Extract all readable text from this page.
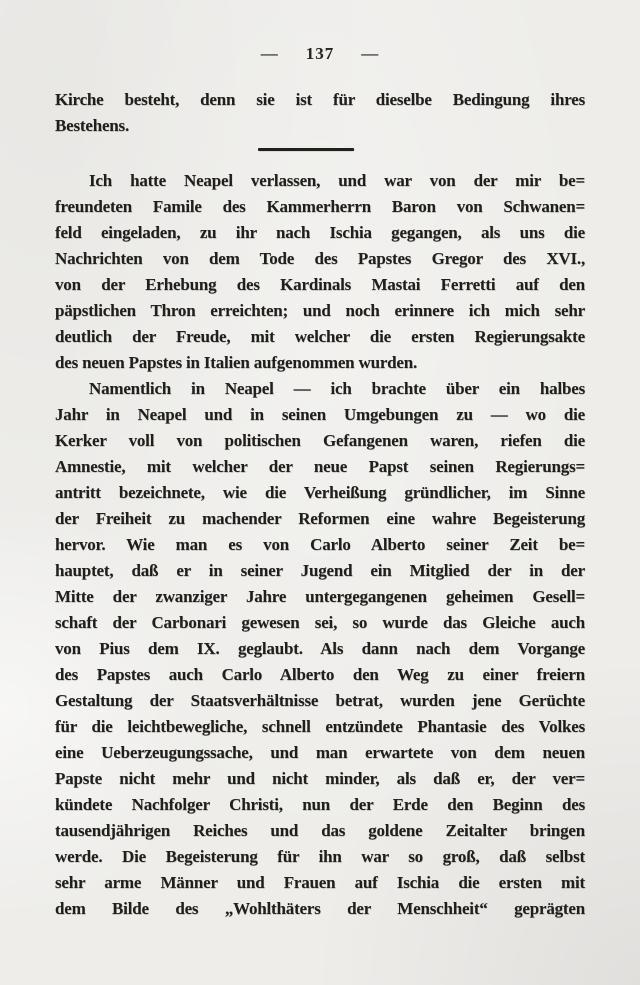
— 137 —
Kirche besteht, denn sie ist für dieselbe Bedingung ihres
Bestehens.
Ich hatte Neapel verlassen, und war von der mir be=
freundeten Famile des Kammerherrn Baron von Schwanen=
feld eingeladen, zu ihr nach Ischia gegangen, als uns die
Nachrichten von dem Tode des Papstes Gregor des XVI.,
von der Erhebung des Kardinals Mastai Ferretti auf den
päpstlichen Thron erreichten; und noch erinnere ich mich sehr
deutlich der Freude, mit welcher die ersten Regierungsakte
des neuen Papstes in Italien aufgenommen wurden.
Namentlich in Neapel — ich brachte über ein halbes
Jahr in Neapel und in seinen Umgebungen zu — wo die
Kerker voll von politischen Gefangenen waren, riefen die
Amnestie, mit welcher der neue Papst seinen Regierungs=
antritt bezeichnete, wie die Verheißung gründlicher, im Sinne
der Freiheit zu machender Reformen eine wahre Begeisterung
hervor. Wie man es von Carlo Alberto seiner Zeit be=
hauptet, daß er in seiner Jugend ein Mitglied der in der
Mitte der zwanziger Jahre untergegangenen geheimen Gesell=
schaft der Carbonari gewesen sei, so wurde das Gleiche auch
von Pius dem IX. geglaubt. Als dann nach dem Vorgange
des Papstes auch Carlo Alberto den Weg zu einer freiern
Gestaltung der Staatsverhältnisse betrat, wurden jene Gerüchte
für die leichtbewegliche, schnell entzündete Phantasie des Volkes
eine Ueberzeugungssache, und man erwartete von dem neuen
Papste nicht mehr und nicht minder, als daß er, der ver=
kündete Nachfolger Christi, nun der Erde den Beginn des
tausendjährigen Reiches und das goldene Zeitalter bringen
werde. Die Begeisterung für ihn war so groß, daß selbst
sehr arme Männer und Frauen auf Ischia die ersten mit
dem Bilde des „Wohlthäters der Menschheit“ geprägten
